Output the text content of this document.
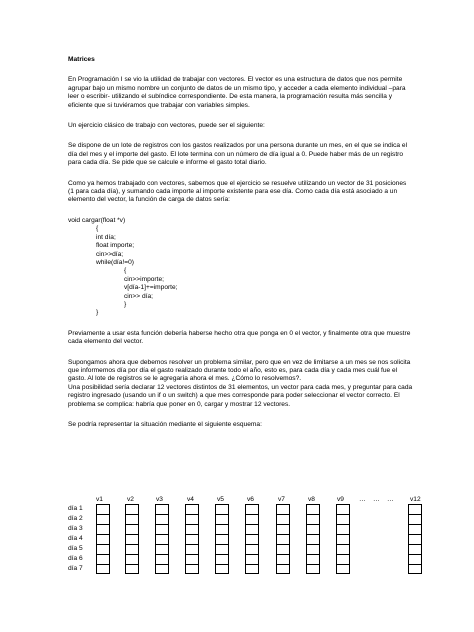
Matrices

En Programación I se vio la utilidad de trabajar con vectores. El vector es una estructura de datos que nos permite agrupar bajo un mismo nombre un conjunto de datos de un mismo tipo, y acceder a cada elemento individual –para leer o escribir- utilizando el subíndice correspondiente. De esta manera, la programación resulta más sencilla y eficiente que si tuviéramos que trabajar con variables simples.

Un ejercicio clásico de trabajo con vectores, puede ser el siguiente:

Se dispone de un lote de registros con los gastos realizados por una persona durante un mes, en el que se indica el día del mes y el importe del gasto. El lote termina con un número de día igual a 0. Puede haber más de un registro para cada día. Se pide que se calcule e informe el gasto total diario.

Como ya hemos trabajado con vectores, sabemos que el ejercicio se resuelve utilizando un vector de 31 posiciones (1 para cada día), y sumando cada importe al importe existente para ese día. Como cada día está asociado a un elemento del vector, la función de carga de datos sería:

void cargar(float *v)
{
int día;
float importe;
cin>>día;
while(día!=0)
{
cin>>importe;
v[día-1]+=importe;
cin>> día;
}
}

Previamente a usar esta función debería haberse hecho otra que ponga en 0 el vector, y finalmente otra que muestre cada elemento del vector.

Supongamos ahora que debemos resolver un problema similar, pero que en vez de limitarse a un mes se nos solicita que informemos día por día el gasto realizado durante todo el año, esto es, para cada día y cada mes cuál fue el gasto. Al lote de registros se le agregaría ahora el mes. ¿Cómo lo resolvemos?.

Una posibilidad sería declarar 12 vectores distintos de 31 elementos, un vector para cada mes, y preguntar para cada registro ingresado (usando un if o un switch) a que mes corresponde para poder seleccionar el vector correcto. El problema se complica: habría que poner en 0, cargar y mostrar 12 vectores.

Se podría representar la situación mediante el siguiente esquema:

v1	v2	v3	v4	v5	v6	v7	v8	v9 … … … v12
día 1
día 2
día 3
día 4
día 5
día 6
día 7
